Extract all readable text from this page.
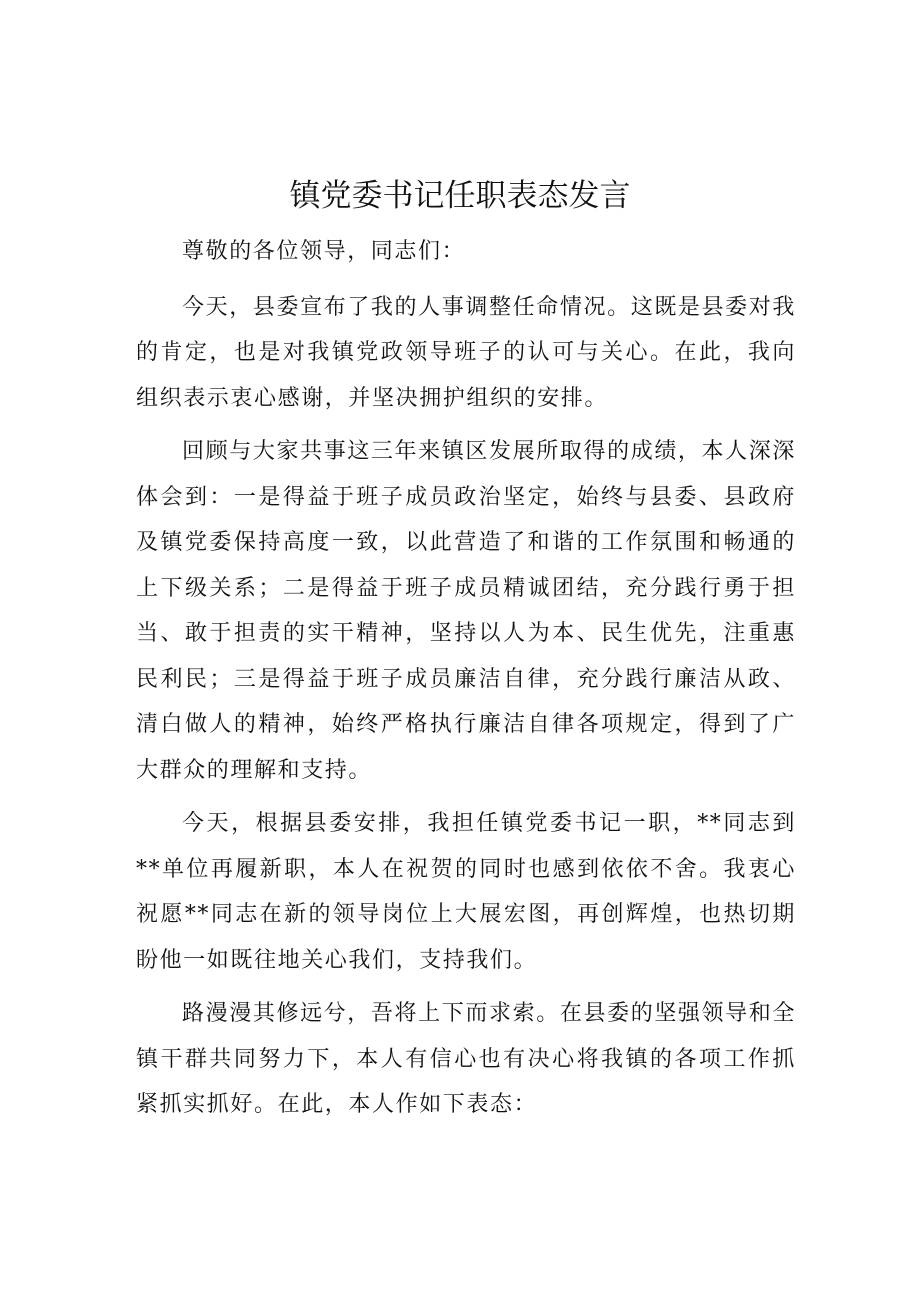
镇党委书记任职表态发言

尊敬的各位领导，同志们：

今天，县委宣布了我的人事调整任命情况。这既是县委对我的肯定，也是对我镇党政领导班子的认可与关心。在此，我向组织表示衷心感谢，并坚决拥护组织的安排。

回顾与大家共事这三年来镇区发展所取得的成绩，本人深深体会到：一是得益于班子成员政治坚定，始终与县委、县政府及镇党委保持高度一致，以此营造了和谐的工作氛围和畅通的上下级关系；二是得益于班子成员精诚团结，充分践行勇于担当、敢于担责的实干精神，坚持以人为本、民生优先，注重惠民利民；三是得益于班子成员廉洁自律，充分践行廉洁从政、清白做人的精神，始终严格执行廉洁自律各项规定，得到了广大群众的理解和支持。

今天，根据县委安排，我担任镇党委书记一职，**同志到**单位再履新职，本人在祝贺的同时也感到依依不舍。我衷心祝愿**同志在新的领导岗位上大展宏图，再创辉煌，也热切期盼他一如既往地关心我们，支持我们。

路漫漫其修远兮，吾将上下而求索。在县委的坚强领导和全镇干群共同努力下，本人有信心也有决心将我镇的各项工作抓紧抓实抓好。在此，本人作如下表态：
